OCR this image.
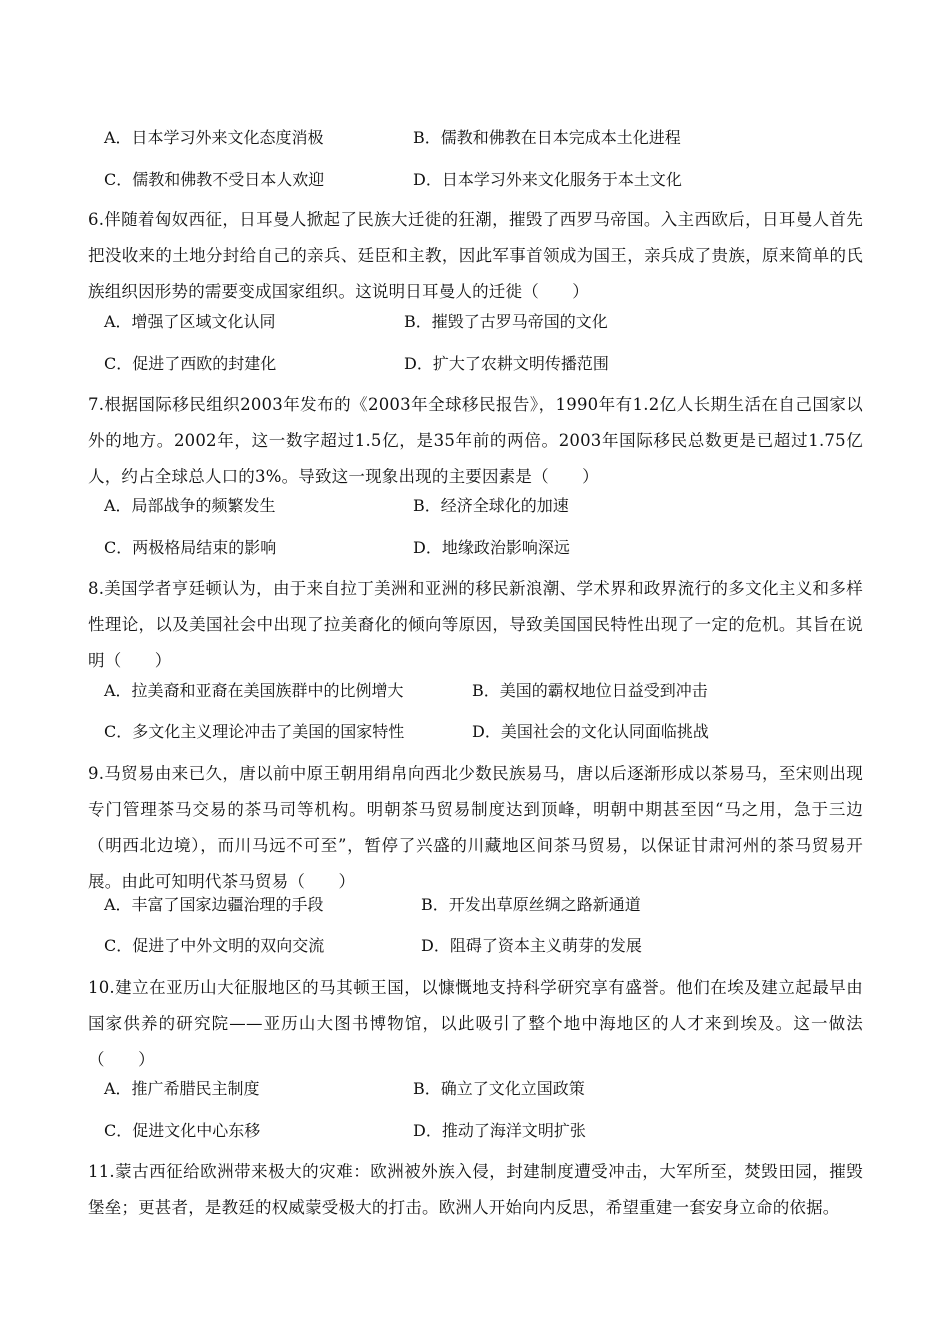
A．日本学习外来文化态度消极	B．儒教和佛教在日本完成本土化进程
C．儒教和佛教不受日本人欢迎	D．日本学习外来文化服务于本土文化
6.伴随着匈奴西征，日耳曼人掀起了民族大迁徙的狂潮，摧毁了西罗马帝国。入主西欧后，日耳曼人首先把没收来的土地分封给自己的亲兵、廷臣和主教，因此军事首领成为国王，亲兵成了贵族，原来简单的氏族组织因形势的需要变成国家组织。这说明日耳曼人的迁徙（　　）
A．增强了区域文化认同	B．摧毁了古罗马帝国的文化
C．促进了西欧的封建化	D．扩大了农耕文明传播范围
7.根据国际移民组织2003年发布的《2003年全球移民报告》，1990年有1.2亿人长期生活在自己国家以外的地方。2002年，这一数字超过1.5亿，是35年前的两倍。2003年国际移民总数更是已超过1.75亿人，约占全球总人口的3%。导致这一现象出现的主要因素是（　　）
A．局部战争的频繁发生	B．经济全球化的加速
C．两极格局结束的影响	D．地缘政治影响深远
8.美国学者亨廷顿认为，由于来自拉丁美洲和亚洲的移民新浪潮、学术界和政界流行的多文化主义和多样性理论，以及美国社会中出现了拉美裔化的倾向等原因，导致美国国民特性出现了一定的危机。其旨在说明（　　）
A．拉美裔和亚裔在美国族群中的比例增大	B．美国的霸权地位日益受到冲击
C．多文化主义理论冲击了美国的国家特性	D．美国社会的文化认同面临挑战
9.马贸易由来已久，唐以前中原王朝用绢帛向西北少数民族易马，唐以后逐渐形成以茶易马，至宋则出现专门管理茶马交易的茶马司等机构。明朝茶马贸易制度达到顶峰，明朝中期甚至因“马之用，急于三边（明西北边境），而川马远不可至”，暂停了兴盛的川藏地区间茶马贸易，以保证甘肃河州的茶马贸易开展。由此可知明代茶马贸易（　　）
A．丰富了国家边疆治理的手段	B．开发出草原丝绸之路新通道
C．促进了中外文明的双向交流	D．阻碍了资本主义萌芽的发展
10.建立在亚历山大征服地区的马其顿王国，以慷慨地支持科学研究享有盛誉。他们在埃及建立起最早由国家供养的研究院——亚历山大图书博物馆，以此吸引了整个地中海地区的人才来到埃及。这一做法（　　）
A．推广希腊民主制度	B．确立了文化立国政策
C．促进文化中心东移	D．推动了海洋文明扩张
11.蒙古西征给欧洲带来极大的灾难：欧洲被外族入侵，封建制度遭受冲击，大军所至，焚毁田园，摧毁堡垒；更甚者，是教廷的权威蒙受极大的打击。欧洲人开始向内反思，希望重建一套安身立命的依据。
